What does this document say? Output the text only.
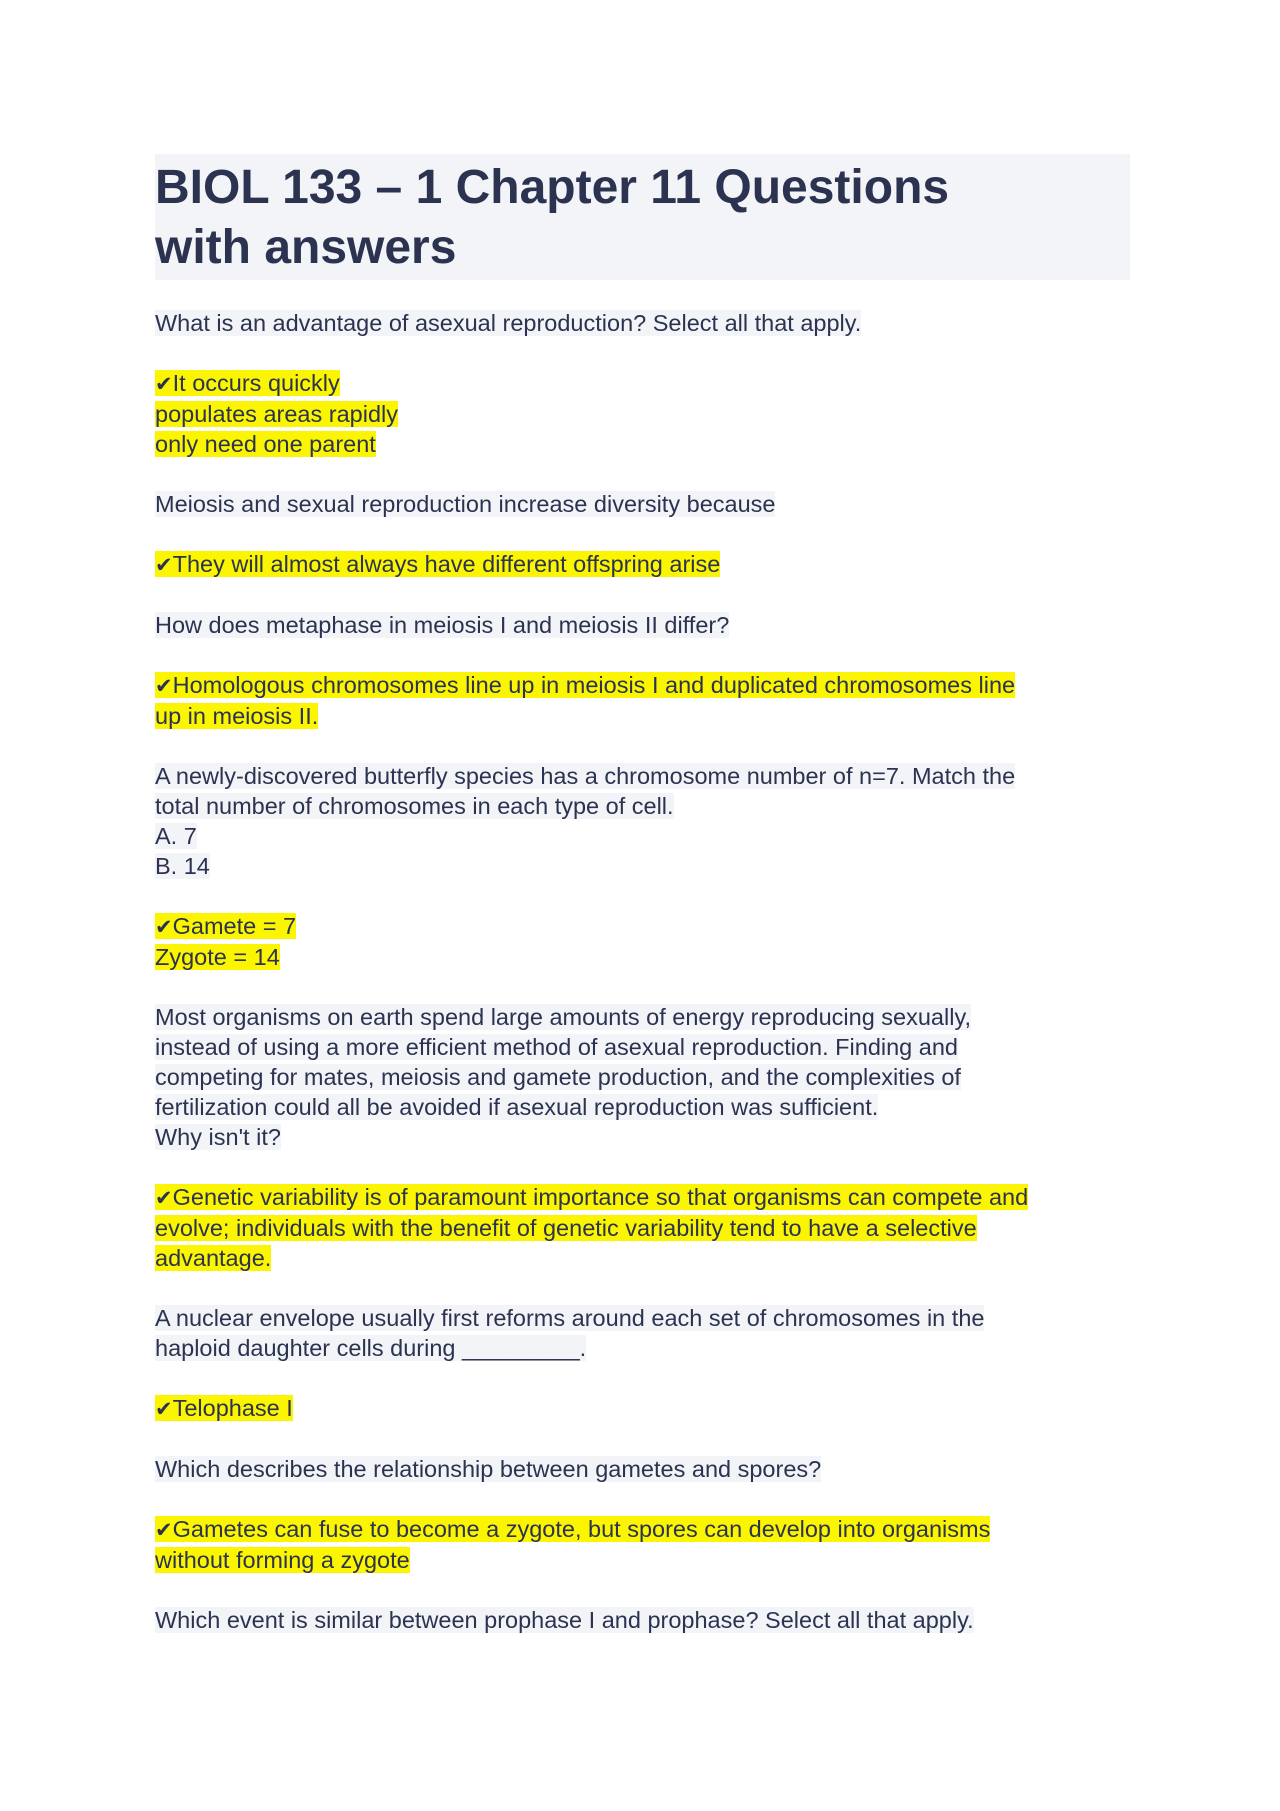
BIOL 133 – 1 Chapter 11 Questions
with answers
What is an advantage of asexual reproduction? Select all that apply.
✔It occurs quickly
populates areas rapidly
only need one parent
Meiosis and sexual reproduction increase diversity because
✔They will almost always have different offspring arise
How does metaphase in meiosis I and meiosis II differ?
✔Homologous chromosomes line up in meiosis I and duplicated chromosomes line
up in meiosis II.
A newly-discovered butterfly species has a chromosome number of n=7. Match the
total number of chromosomes in each type of cell.
A. 7
B. 14
✔Gamete = 7
Zygote = 14
Most organisms on earth spend large amounts of energy reproducing sexually,
instead of using a more efficient method of asexual reproduction. Finding and
competing for mates, meiosis and gamete production, and the complexities of
fertilization could all be avoided if asexual reproduction was sufficient.
Why isn't it?
✔Genetic variability is of paramount importance so that organisms can compete and
evolve; individuals with the benefit of genetic variability tend to have a selective
advantage.
A nuclear envelope usually first reforms around each set of chromosomes in the
haploid daughter cells during _________.
✔Telophase I
Which describes the relationship between gametes and spores?
✔Gametes can fuse to become a zygote, but spores can develop into organisms
without forming a zygote
Which event is similar between prophase I and prophase? Select all that apply.
